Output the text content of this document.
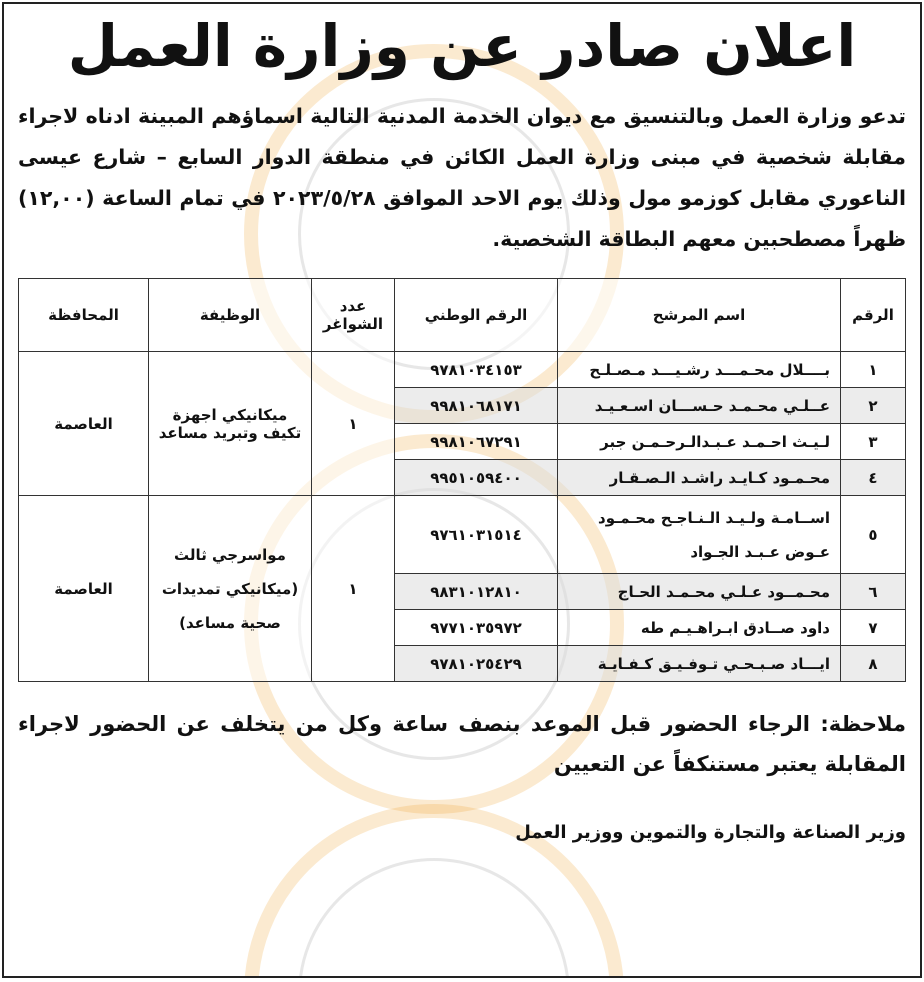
اعلان صادر عن وزارة العمل
تدعو وزارة العمل وبالتنسيق مع ديوان الخدمة المدنية التالية اسماؤهم المبينة ادناه لاجراء مقابلة شخصية في مبنى وزارة العمل الكائن في منطقة الدوار السابع – شارع عيسى الناعوري مقابل كوزمو مول وذلك يوم الاحد الموافق ٢٠٢٣/٥/٢٨ في تمام الساعة (١٢,٠٠) ظهراً مصطحبين معهم البطاقة الشخصية.
الرقم	اسم المرشح	الرقم الوطني	عدد الشواغر	الوظيفة	المحافظة
١	بــــلال محـمـــد رشـيـــد مـصـلـح	٩٧٨١٠٣٤١٥٣	١	ميكانيكي اجهزة تكيف وتبريد مساعد	العاصمة
٢	عــلـي محـمـد حـســـان اسـعـيـد	٩٩٨١٠٦٨١٧١			
٣	لـيـث احـمـد عـبـدالـرحـمـن جبر	٩٩٨١٠٦٧٢٩١			
٤	محـمـود كـايـد راشـد الـصـقـار	٩٩٥١٠٥٩٤٠٠			
٥	اســامـة ولـيـد الـنـاجـح محـمـود عـوض عـبـد الجـواد	٩٧٦١٠٣١٥١٤	١	مواسرجي ثالث (ميكانيكي تمديدات صحية مساعد)	العاصمة
٦	محـمــود عـلـي محـمـد الحـاج	٩٨٣١٠١٢٨١٠			
٧	داود صــادق ابـراهـيـم طه	٩٧٧١٠٣٥٩٧٢			
٨	ايـــاد صـبـحـي تـوفـيـق كـفـايـة	٩٧٨١٠٢٥٤٢٩			
ملاحظة: الرجاء الحضور قبل الموعد بنصف ساعة وكل من يتخلف عن الحضور لاجراء المقابلة يعتبر مستنكفاً عن التعيين
وزير الصناعة والتجارة والتموين ووزير العمل
